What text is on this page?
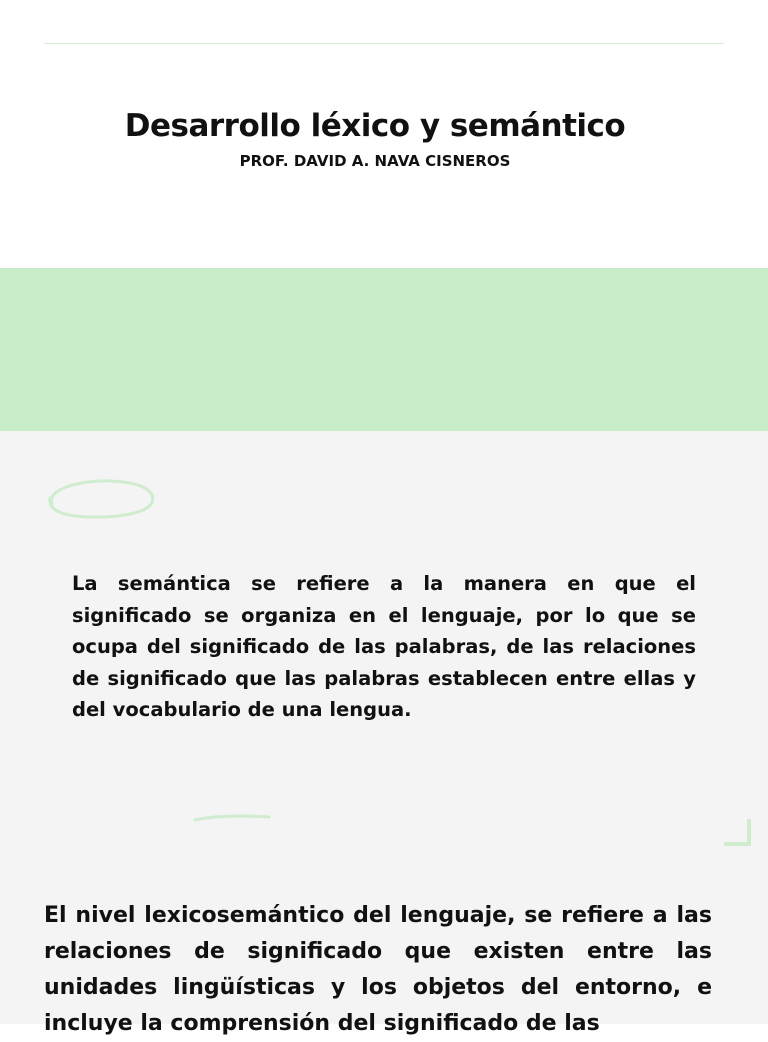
Desarrollo léxico y semántico
PROF. DAVID A. NAVA CISNEROS
La semántica se refiere a la manera en que el significado se organiza en el lenguaje, por lo que se ocupa del significado de las palabras, de las relaciones de significado que las palabras establecen entre ellas y del vocabulario de una lengua.
El nivel lexicosemántico del lenguaje, se refiere a las relaciones de significado que existen entre las unidades lingüísticas y los objetos del entorno, e incluye la comprensión del significado de las
